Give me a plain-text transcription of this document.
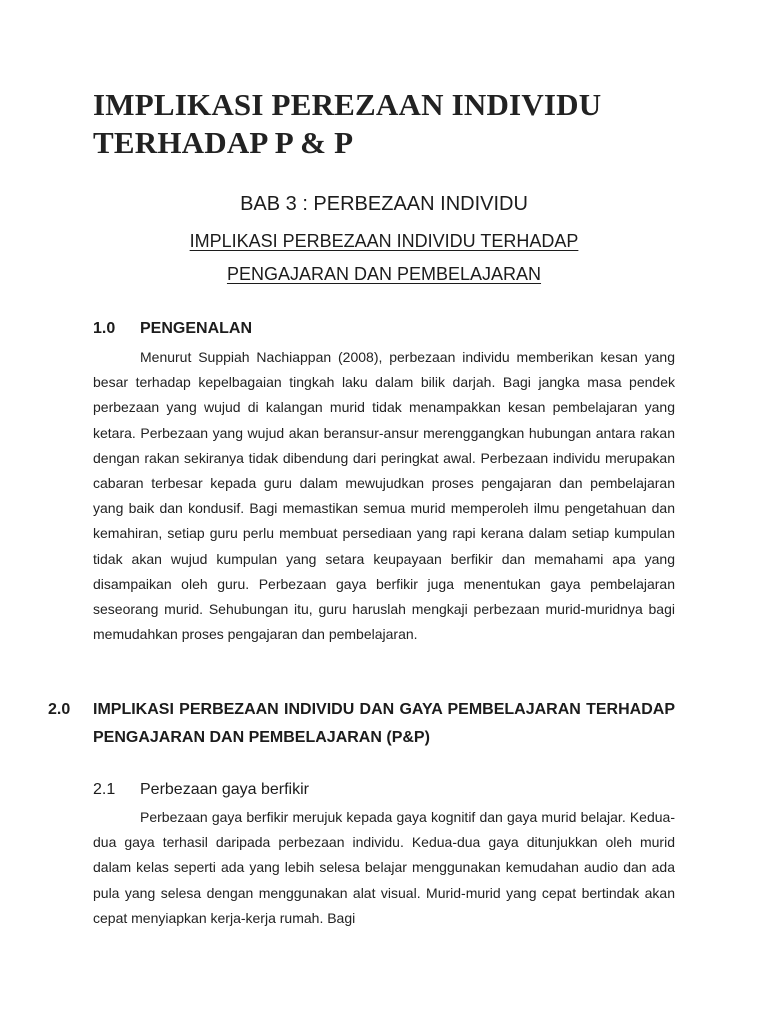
IMPLIKASI PEREZAAN INDIVIDU
TERHADAP P & P
BAB 3 : PERBEZAAN INDIVIDU
IMPLIKASI PERBEZAAN INDIVIDU TERHADAP
PENGAJARAN DAN PEMBELAJARAN
1.0 PENGENALAN

Menurut Suppiah Nachiappan (2008), perbezaan individu memberikan kesan yang besar terhadap kepelbagaian tingkah laku dalam bilik darjah. Bagi jangka masa pendek perbezaan yang wujud di kalangan murid tidak menampakkan kesan pembelajaran yang ketara. Perbezaan yang wujud akan beransur-ansur merenggangkan hubungan antara rakan dengan rakan sekiranya tidak dibendung dari peringkat awal. Perbezaan individu merupakan cabaran terbesar kepada guru dalam mewujudkan proses pengajaran dan pembelajaran yang baik dan kondusif. Bagi memastikan semua murid memperoleh ilmu pengetahuan dan kemahiran, setiap guru perlu membuat persediaan yang rapi kerana dalam setiap kumpulan tidak akan wujud kumpulan yang setara keupayaan berfikir dan memahami apa yang disampaikan oleh guru. Perbezaan gaya berfikir juga menentukan gaya pembelajaran seseorang murid. Sehubungan itu, guru haruslah mengkaji perbezaan murid-muridnya bagi memudahkan proses pengajaran dan pembelajaran.

2.0 IMPLIKASI PERBEZAAN INDIVIDU DAN GAYA PEMBELAJARAN TERHADAP PENGAJARAN DAN PEMBELAJARAN (P&P)
2.1 Perbezaan gaya berfikir

Perbezaan gaya berfikir merujuk kepada gaya kognitif dan gaya murid belajar. Kedua-dua gaya terhasil daripada perbezaan individu. Kedua-dua gaya ditunjukkan oleh murid dalam kelas seperti ada yang lebih selesa belajar menggunakan kemudahan audio dan ada pula yang selesa dengan menggunakan alat visual. Murid-murid yang cepat bertindak akan cepat menyiapkan kerja-kerja rumah. Bagi
